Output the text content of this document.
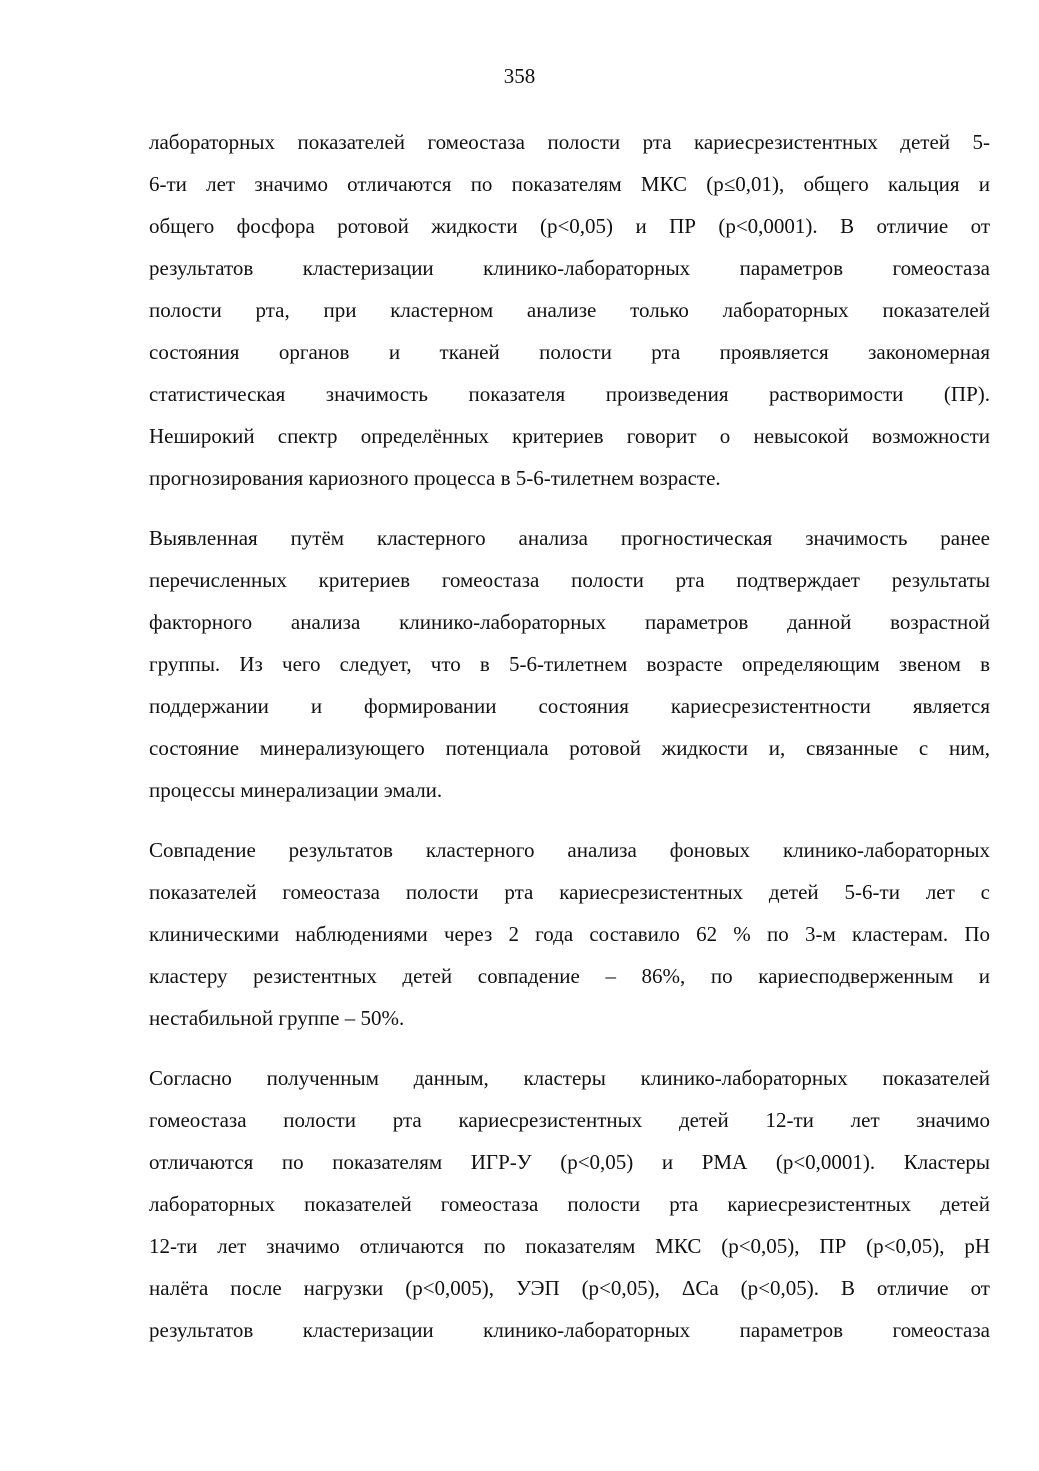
358

лабораторных показателей гомеостаза полости рта кариесрезистентных детей 5-
6-ти лет значимо отличаются по показателям МКС (p≤0,01), общего кальция и
общего фосфора ротовой жидкости (p<0,05) и ПР (p<0,0001). В отличие от
результатов кластеризации клинико-лабораторных параметров гомеостаза
полости рта, при кластерном анализе только лабораторных показателей
состояния органов и тканей полости рта проявляется закономерная
статистическая значимость показателя произведения растворимости (ПР).
Неширокий спектр определённых критериев говорит о невысокой возможности
прогнозирования кариозного процесса в 5-6-тилетнем возрасте.

Выявленная путём кластерного анализа прогностическая значимость ранее
перечисленных критериев гомеостаза полости рта подтверждает результаты
факторного анализа клинико-лабораторных параметров данной возрастной
группы. Из чего следует, что в 5-6-тилетнем возрасте определяющим звеном в
поддержании и формировании состояния кариесрезистентности является
состояние минерализующего потенциала ротовой жидкости и, связанные с ним,
процессы минерализации эмали.

Совпадение результатов кластерного анализа фоновых клинико-лабораторных
показателей гомеостаза полости рта кариесрезистентных детей 5-6-ти лет с
клиническими наблюдениями через 2 года составило 62 % по 3-м кластерам. По
кластеру резистентных детей совпадение – 86%, по кариесподверженным и
нестабильной группе – 50%.

Согласно полученным данным, кластеры клинико-лабораторных показателей
гомеостаза полости рта кариесрезистентных детей 12-ти лет значимо
отличаются по показателям ИГР-У (p<0,05) и РМА (p<0,0001). Кластеры
лабораторных показателей гомеостаза полости рта кариесрезистентных детей
12-ти лет значимо отличаются по показателям МКС (p<0,05), ПР (p<0,05), pH
налёта после нагрузки (p<0,005), УЭП (p<0,05), ΔCa (p<0,05). В отличие от
результатов кластеризации клинико-лабораторных параметров гомеостаза
